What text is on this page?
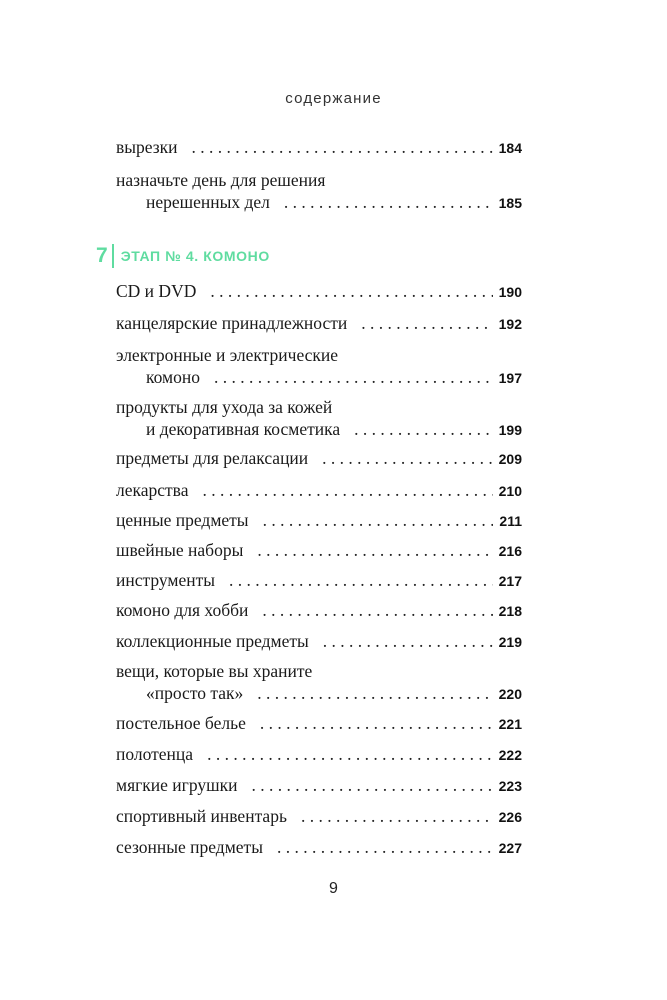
содержание
вырезки . . .	184
назначьте день для решения
нерешенных дел . . .	185
CD и DVD . . .	190
канцелярские принадлежности . . .	192
электронные и электрические
комоно . . .	197
продукты для ухода за кожей
и декоративная косметика . . .	199
предметы для релаксации . . .	209
лекарства . . .	210
ценные предметы . . .	211
швейные наборы . . .	216
инструменты . . .	217
комоно для хобби . . .	218
коллекционные предметы . . .	219
вещи, которые вы храните
«просто так» . . .	220
постельное белье . . .	221
полотенца . . .	222
мягкие игрушки . . .	223
спортивный инвентарь . . .	226
сезонные предметы . . .	227
7 ЭТАП № 4. КОМОНО
9
